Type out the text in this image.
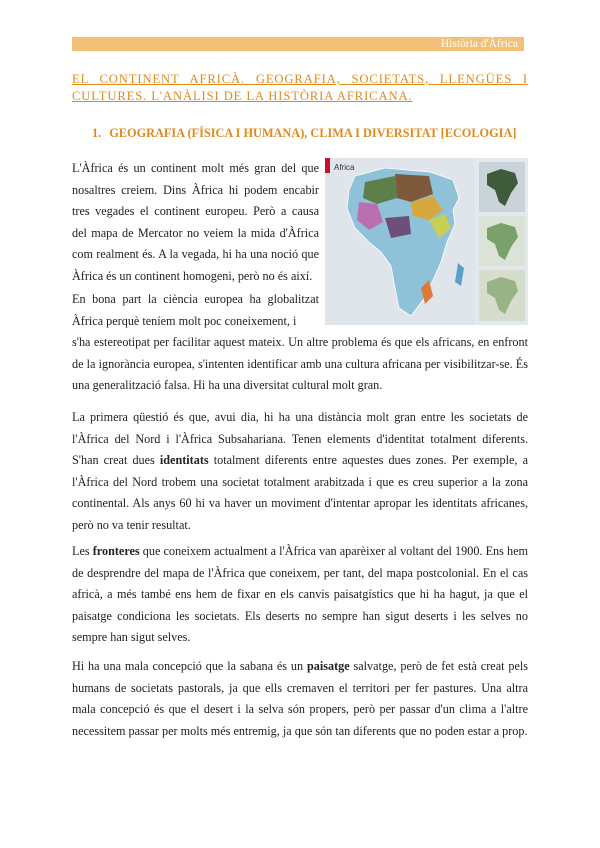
Història d'Àfrica
EL CONTINENT AFRICÀ. GEOGRAFIA, SOCIETATS, LLENGÜES I CULTURES. L'ANÀLISI DE LA HISTÒRIA AFRICANA.
1. GEOGRAFIA (FÍSICA I HUMANA), CLIMA I DIVERSITAT [ECOLOGIA]

L'Àfrica és un continent molt més gran del que nosaltres creiem. Dins Àfrica hi podem encabir tres vegades el continent europeu. Però a causa del mapa de Mercator no veiem la mida d'Àfrica com realment és. A la vegada, hi ha una noció que Àfrica és un continent homogeni, però no és així.

En bona part la ciència europea ha globalitzat Àfrica perquè teníem molt poc coneixement, i

s'ha estereotipat per facilitar aquest mateix. Un altre problema és que els africans, en enfront de la ignorància europea, s'intenten identificar amb una cultura africana per visibilitzar-se. És una generalització falsa. Hi ha una diversitat cultural molt gran.

La primera qüestió és que, avui dia, hi ha una distància molt gran entre les societats de l'Àfrica del Nord i l'Àfrica Subsahariana. Tenen elements d'identitat totalment diferents. S'han creat dues identitats totalment diferents entre aquestes dues zones. Per exemple, a l'Àfrica del Nord trobem una societat totalment arabitzada i que es creu superior a la zona continental. Als anys 60 hi va haver un moviment d'intentar apropar les identitats africanes, però no va tenir resultat.

Les fronteres que coneixem actualment a l'Àfrica van aparèixer al voltant del 1900. Ens hem de desprendre del mapa de l'Àfrica que coneixem, per tant, del mapa postcolonial. En el cas africà, a més també ens hem de fixar en els canvis paisatgístics que hi ha hagut, ja que el paisatge condiciona les societats. Els deserts no sempre han sigut deserts i les selves no sempre han sigut selves.

Hi ha una mala concepció que la sabana és un paisatge salvatge, però de fet està creat pels humans de societats pastorals, ja que ells cremaven el territori per fer pastures. Una altra mala concepció és que el desert i la selva són propers, però per passar d'un clima a l'altre necessitem passar per molts més entremig, ja que són tan diferents que no poden estar a prop.

Africa
